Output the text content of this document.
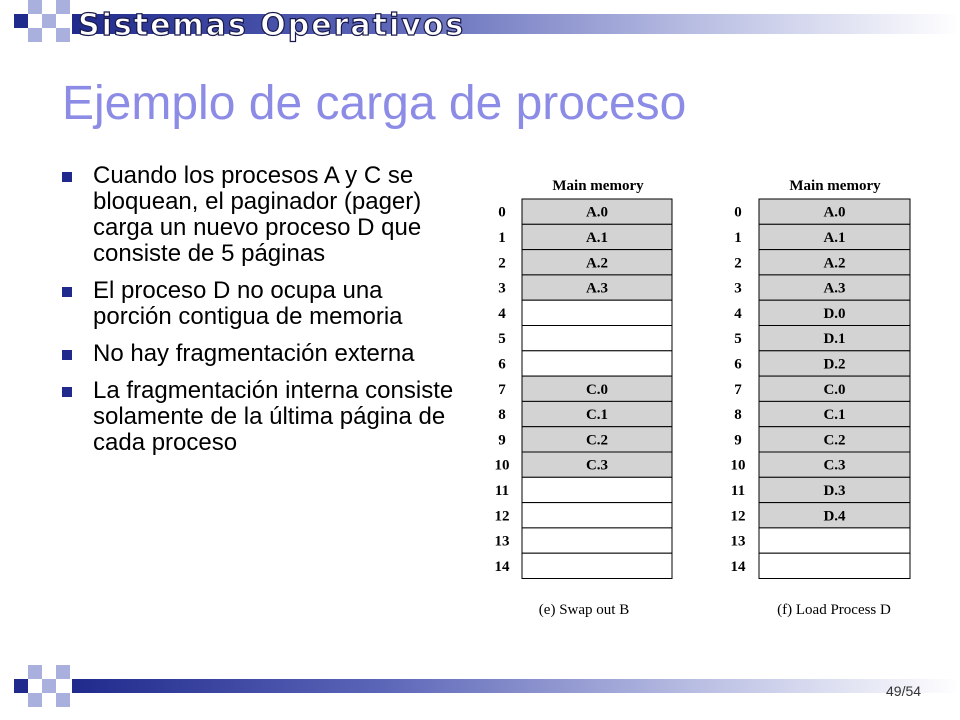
Sistemas Operativos
Ejemplo de carga de proceso
Cuando los procesos A y C se bloquean, el paginador (pager) carga un nuevo proceso D que consiste de 5 páginas
El proceso D no ocupa una porción contigua de memoria
No hay fragmentación externa
La fragmentación interna consiste solamente de la última página de cada proceso
Main memory	Main memory
(e) Swap out B	(f) Load Process D
A.0
0
A.1
1
A.2
2
A.3
3
4
5
6
C.0
7
C.1
8
C.2
9
C.3
10
11
12
13
14
A.0
0
A.1
1
A.2
2
A.3
3
D.0
4
D.1
5
D.2
6
C.0
7
C.1
8
C.2
9
C.3
10
D.3
11
D.4
12
13
14
49/54
